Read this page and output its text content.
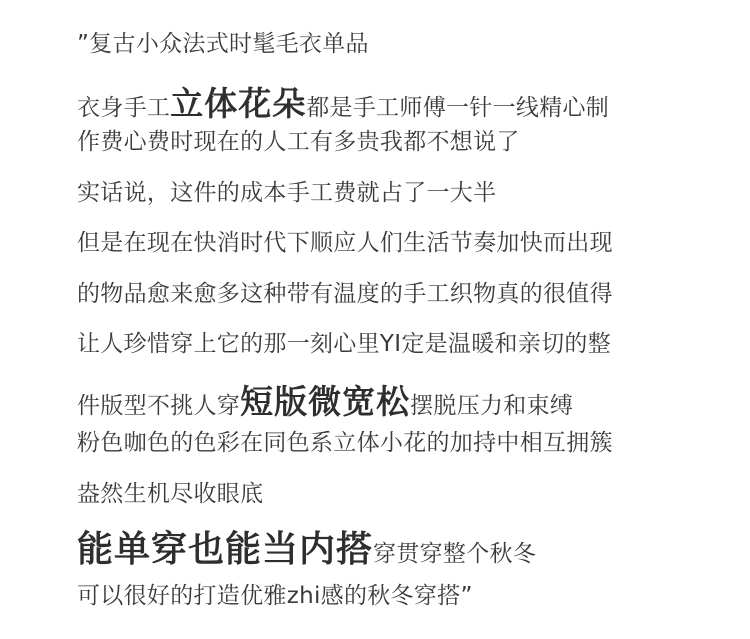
”复古小众法式时髦毛衣单品
衣身手工立体花朵都是手工师傅一针一线精心制
作费心费时现在的人工有多贵我都不想说了
实话说，这件的成本手工费就占了一大半
但是在现在快消时代下顺应人们生活节奏加快而出现
的物品愈来愈多这种带有温度的手工织物真的很值得
让人珍惜穿上它的那一刻心里YI定是温暖和亲切的整
件版型不挑人穿短版微宽松摆脱压力和束缚
粉色咖色的色彩在同色系立体小花的加持中相互拥簇
盎然生机尽收眼底
能单穿也能当内搭穿贯穿整个秋冬
可以很好的打造优雅zhi感的秋冬穿搭”
